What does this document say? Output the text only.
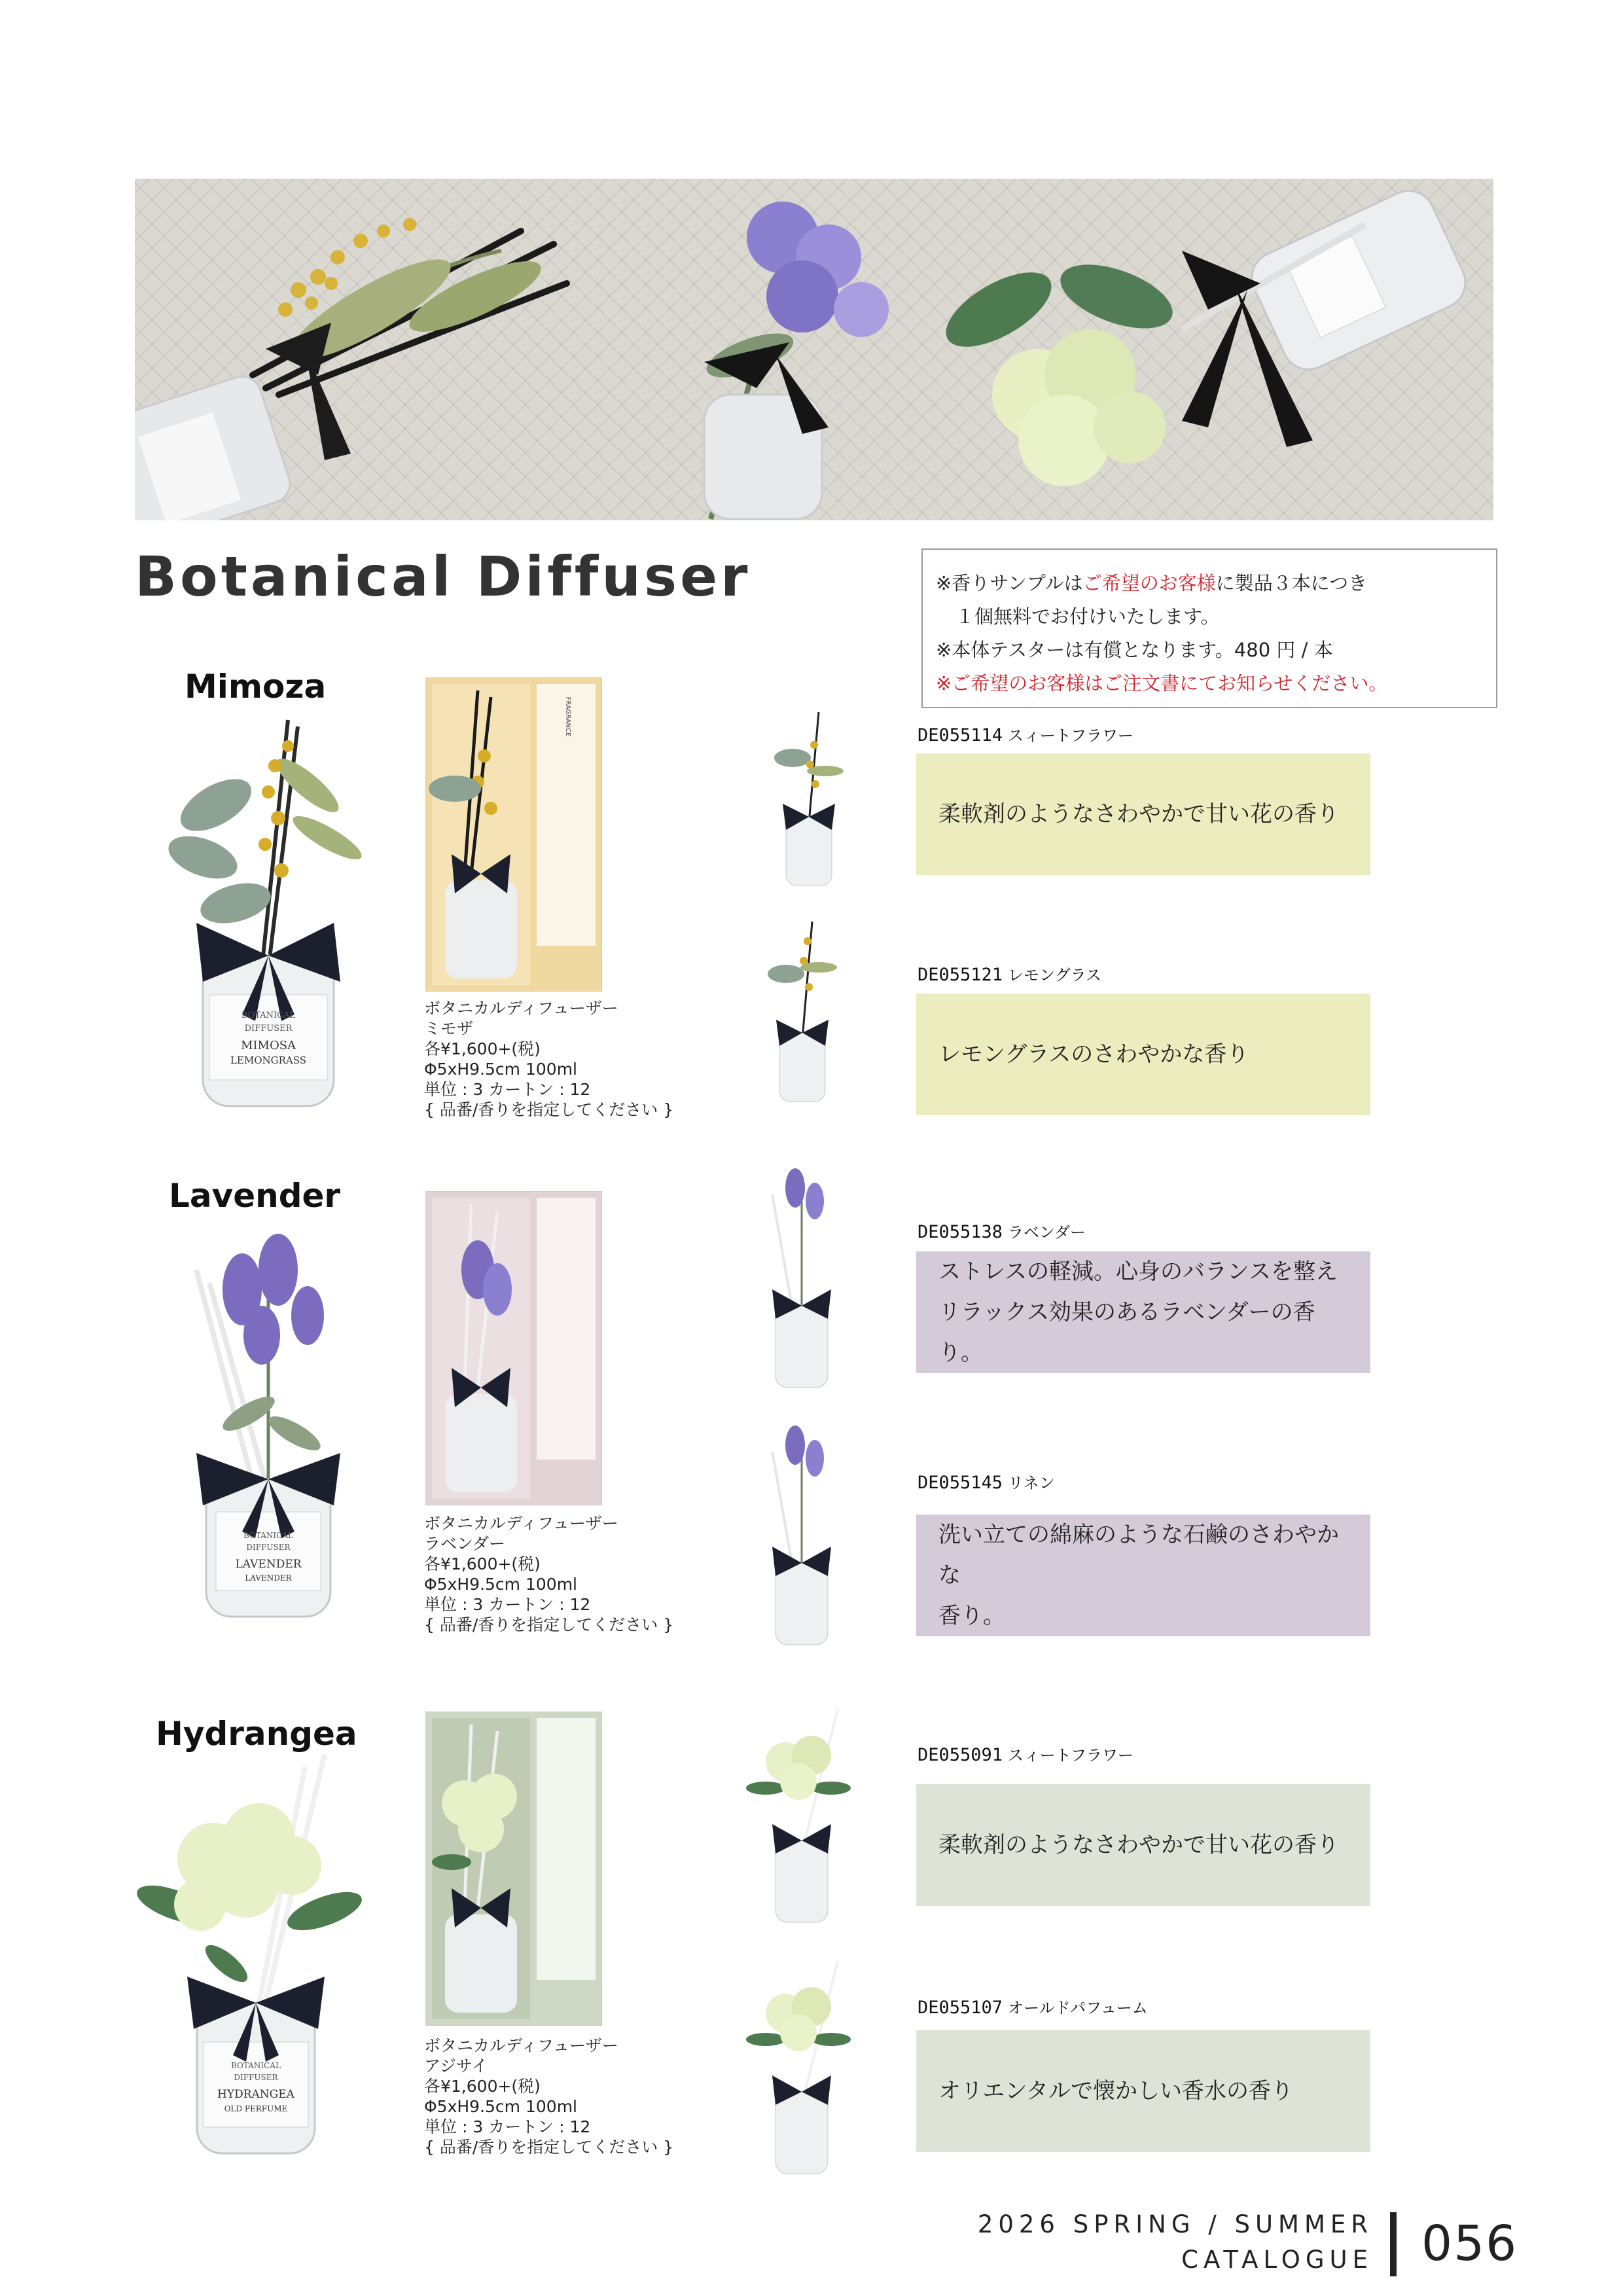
Botanical Diffuser	※香りサンプルはご希望のお客様に製品３本につき
１個無料でお付けいたします。
※本体テスターは有償となります。480 円 / 本
※ご希望のお客様はご注文書にてお知らせください。
Mimoza
BOTANICAL
DIFFUSER
MIMOSA
LEMONGRASS
FRAGRANCE
ボタニカルディフューザー
ミモザ
各¥1,600+(税)
Φ5xH9.5cm 100ml
単位 : 3 カートン : 12
{ 品番/香りを指定してください }
DE055114 スィートフラワー
柔軟剤のようなさわやかで甘い花の香り
DE055121 レモングラス
レモングラスのさわやかな香り
Lavender
BOTANICAL
DIFFUSER
LAVENDER
LAVENDER
ボタニカルディフューザー
ラベンダー
各¥1,600+(税)
Φ5xH9.5cm 100ml
単位 : 3 カートン : 12
{ 品番/香りを指定してください }
DE055138 ラベンダー
ストレスの軽減。心身のバランスを整え
リラックス効果のあるラベンダーの香り。
DE055145 リネン
洗い立ての綿麻のような石鹸のさわやかな
香り。
Hydrangea
BOTANICAL
DIFFUSER
HYDRANGEA
OLD PERFUME
ボタニカルディフューザー
アジサイ
各¥1,600+(税)
Φ5xH9.5cm 100ml
単位 : 3 カートン : 12
{ 品番/香りを指定してください }
DE055091 スィートフラワー
柔軟剤のようなさわやかで甘い花の香り
DE055107 オールドパフューム
オリエンタルで懐かしい香水の香り
2026 SPRING / SUMMER
CATALOGUE 056
